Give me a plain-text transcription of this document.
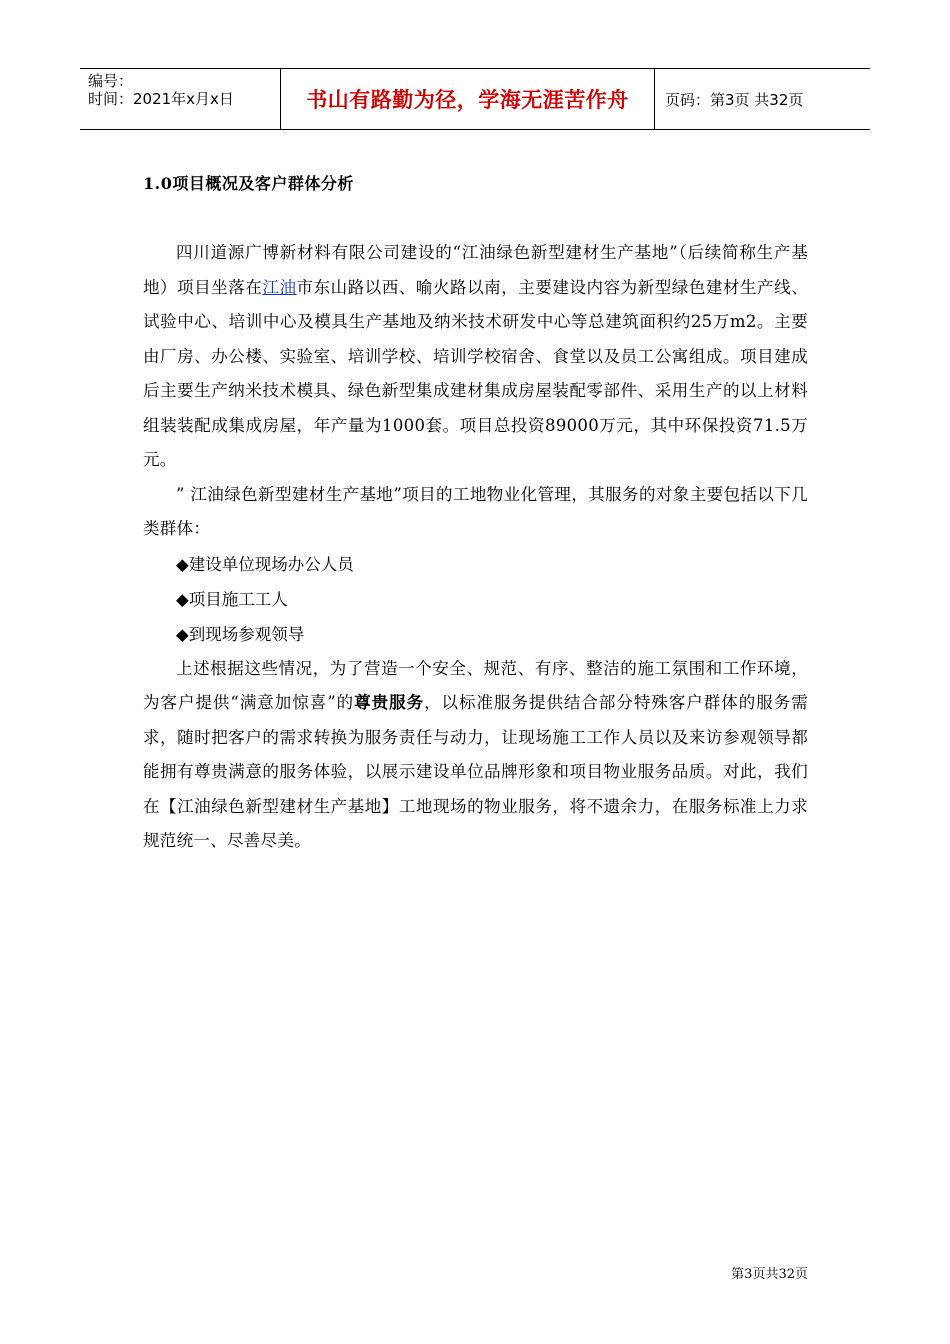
编号：
时间：2021年x月x日	书山有路勤为径，学海无涯苦作舟 页码：第3页 共32页
1.0项目概况及客户群体分析

四川道源广博新材料有限公司建设的“江油绿色新型建材生产基地”（后续简称生产基地）项目坐落在江油市东山路以西、喻火路以南，主要建设内容为新型绿色建材生产线、试验中心、培训中心及模具生产基地及纳米技术研发中心等总建筑面积约25万m2。主要由厂房、办公楼、实验室、培训学校、培训学校宿舍、食堂以及员工公寓组成。项目建成后主要生产纳米技术模具、绿色新型集成建材集成房屋装配零部件、采用生产的以上材料组装装配成集成房屋，年产量为1000套。项目总投资89000万元，其中环保投资71.5万元。

” 江油绿色新型建材生产基地”项目的工地物业化管理，其服务的对象主要包括以下几类群体：

◆建设单位现场办公人员

◆项目施工工人

◆到现场参观领导

上述根据这些情况，为了营造一个安全、规范、有序、整洁的施工氛围和工作环境，为客户提供“满意加惊喜”的尊贵服务，以标准服务提供结合部分特殊客户群体的服务需求，随时把客户的需求转换为服务责任与动力，让现场施工工作人员以及来访参观领导都能拥有尊贵满意的服务体验，以展示建设单位品牌形象和项目物业服务品质。对此，我们在【江油绿色新型建材生产基地】工地现场的物业服务，将不遗余力，在服务标准上力求规范统一、尽善尽美。

第3页共32页
